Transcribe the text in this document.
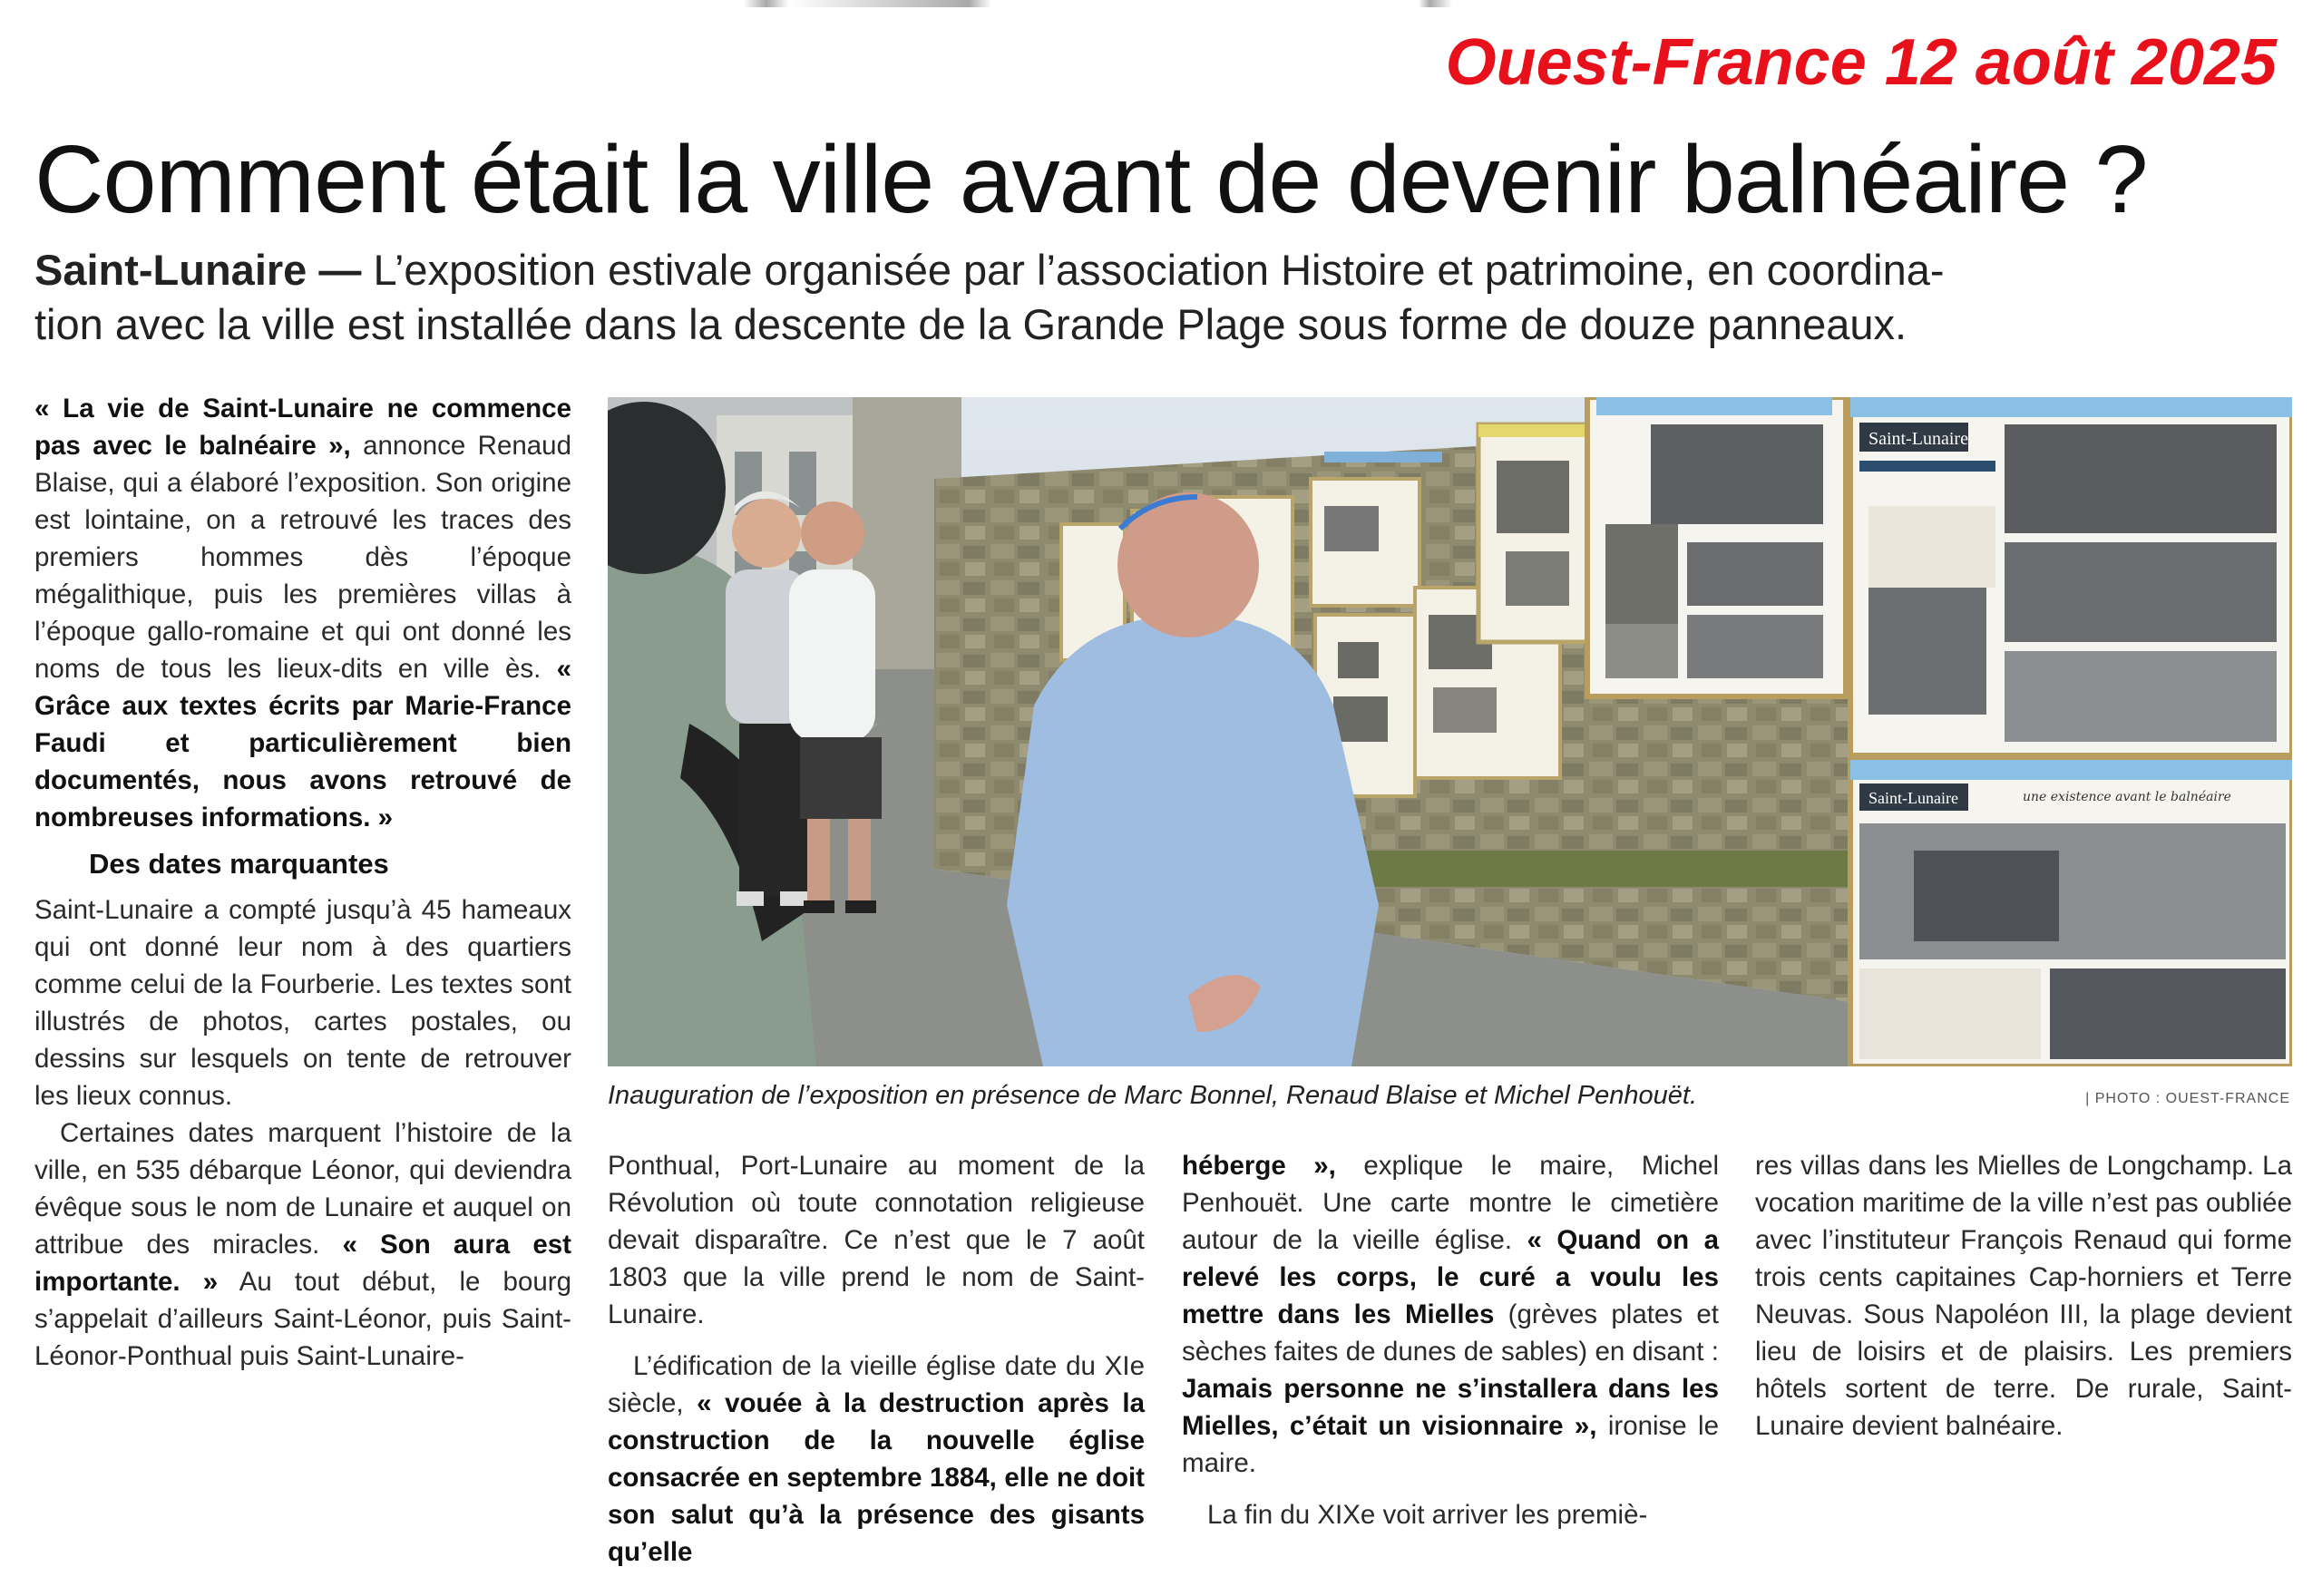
Ouest-France 12 août 2025
Comment était la ville avant de devenir balnéaire ?
Saint-Lunaire — L’exposition estivale organisée par l’association Histoire et patrimoine, en coordina-
tion avec la ville est installée dans la descente de la Grande Plage sous forme de douze panneaux.

« La vie de Saint-Lunaire ne commence pas avec le balnéaire », annonce Renaud Blaise, qui a élaboré l’exposition. Son origine est lointaine, on a retrouvé les traces des premiers hommes dès l’époque mégalithique, puis les premières villas à l’époque gallo-romaine et qui ont donné les noms de tous les lieux-dits en ville ès. « Grâce aux textes écrits par Marie-France Faudi et particulièrement bien documentés, nous avons retrouvé de nombreuses informations. »

Des dates marquantes

Saint-Lunaire a compté jusqu’à 45 hameaux qui ont donné leur nom à des quartiers comme celui de la Fourberie. Les textes sont illustrés de photos, cartes postales, ou dessins sur lesquels on tente de retrouver les lieux connus.

Certaines dates marquent l’histoire de la ville, en 535 débarque Léonor, qui deviendra évêque sous le nom de Lunaire et auquel on attribue des miracles. « Son aura est importante. » Au tout début, le bourg s’appelait d’ailleurs Saint-Léonor, puis Saint-Léonor-Ponthual puis Saint-Lunaire-

Saint-Lunaire
Saint-Lunaire	une existence avant le balnéaire
Inauguration de l’exposition en présence de Marc Bonnel, Renaud Blaise et Michel Penhouët.	| PHOTO : OUEST-FRANCE

Ponthual, Port-Lunaire au moment de la Révolution où toute connotation religieuse devait disparaître. Ce n’est que le 7 août 1803 que la ville prend le nom de Saint-Lunaire.

L’édification de la vieille église date du XIe siècle, « vouée à la destruction après la construction de la nouvelle église consacrée en septembre 1884, elle ne doit son salut qu’à la présence des gisants qu’elle

héberge », explique le maire, Michel Penhouët. Une carte montre le cimetière autour de la vieille église. « Quand on a relevé les corps, le curé a voulu les mettre dans les Mielles (grèves plates et sèches faites de dunes de sables) en disant : Jamais personne ne s’installera dans les Mielles, c’était un visionnaire », ironise le maire.

La fin du XIXe voit arriver les premiè-

res villas dans les Mielles de Longchamp. La vocation maritime de la ville n’est pas oubliée avec l’instituteur François Renaud qui forme trois cents capitaines Cap-horniers et Terre Neuvas. Sous Napoléon III, la plage devient lieu de loisirs et de plaisirs. Les premiers hôtels sortent de terre. De rurale, Saint-Lunaire devient balnéaire.
